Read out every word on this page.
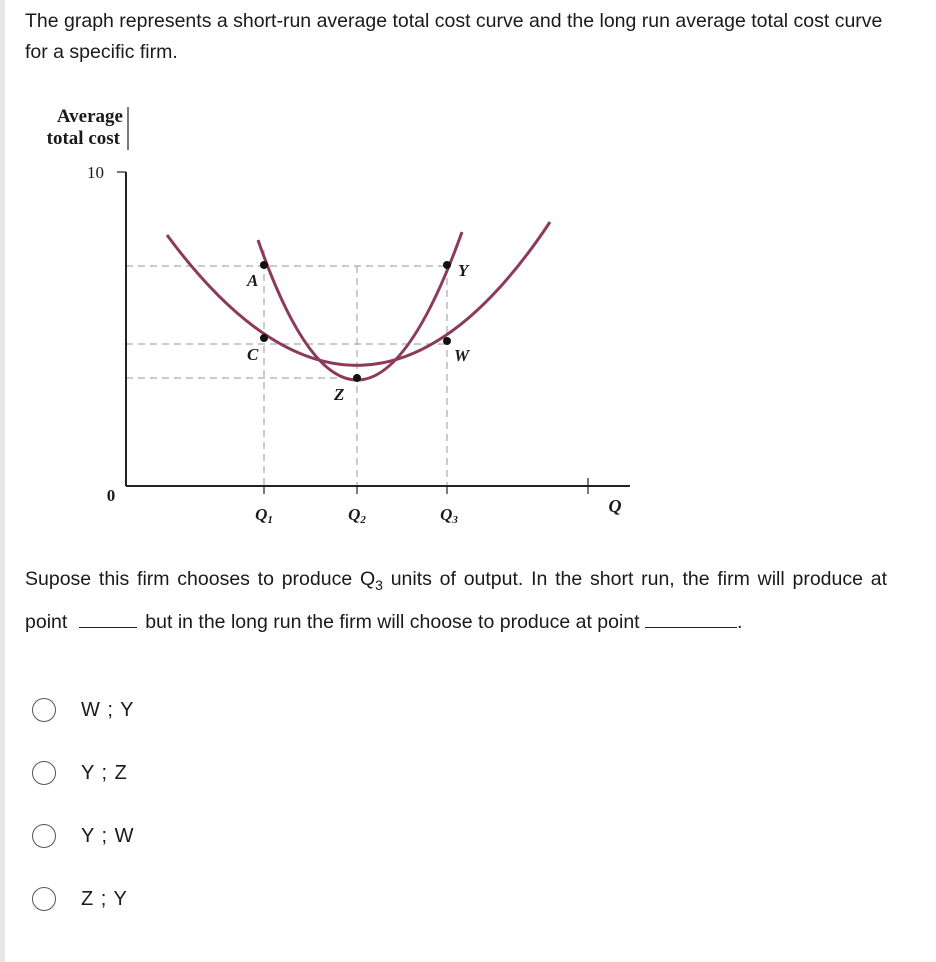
The graph represents a short-run average total cost curve and the long run average total cost curve for a specific firm.
Average
total cost
10
A
C
Z
W
Y
0
Q1	Q2	Q3
Q
Supose this firm chooses to produce $Q_3$ units of output. In the short run, the firm will produce at point	but in the long run the firm will choose to produce at point	.
W ; Y
Y ; Z
Y ; W
Z ; Y
